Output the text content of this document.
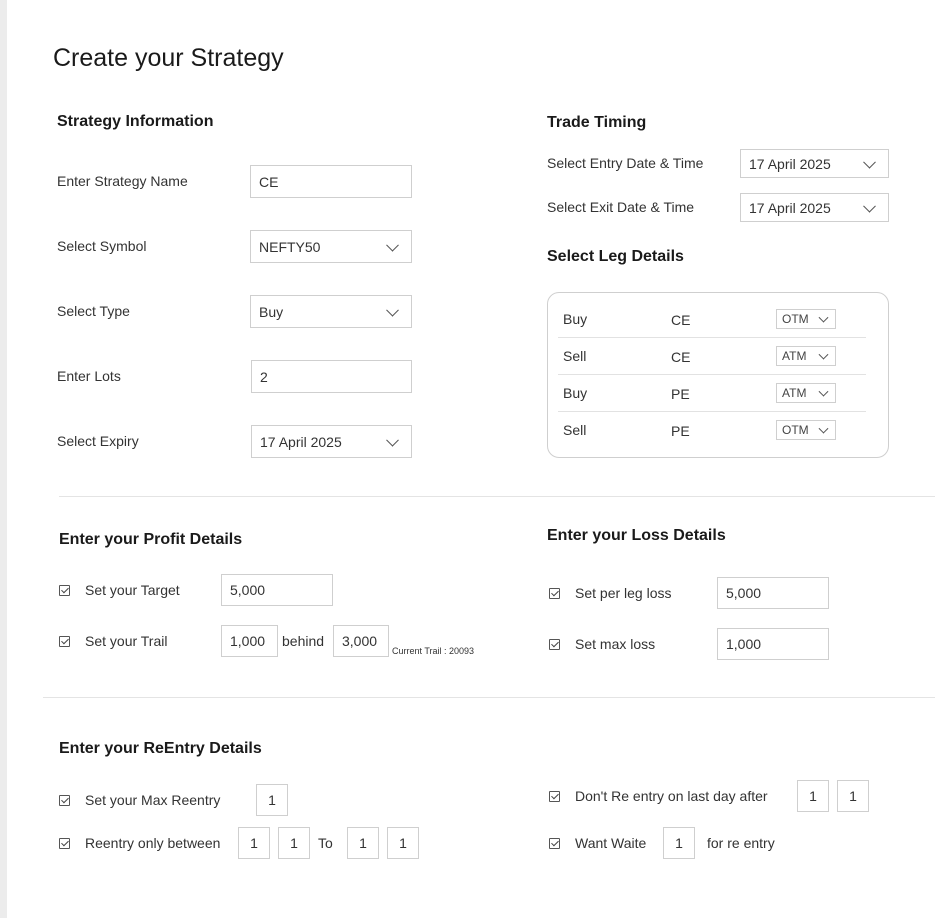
Create your Strategy
Strategy Information
Enter Strategy Name	CE
Select Symbol	NEFTY50
Select Type	Buy
Enter Lots	2
Select Expiry	17 April 2025
Trade Timing
Select Entry Date & Time	17 April 2025
Select Exit Date & Time	17 April 2025
Select Leg Details
Buy	CE	OTM
Sell	CE	ATM
Buy	PE	ATM
Sell	PE	OTM
Enter your Profit Details
Set your Target	5,000
Set your Trail	1,000	behind	3,000
Current Trail : 20093
Enter your Loss Details
Set per leg loss	5,000
Set max loss	1,000
Enter your ReEntry Details
Set your Max Reentry	1
Reentry only between	1	1	To	1	1
Don't Re entry on last day after	1	1
Want Waite	1	for re entry
